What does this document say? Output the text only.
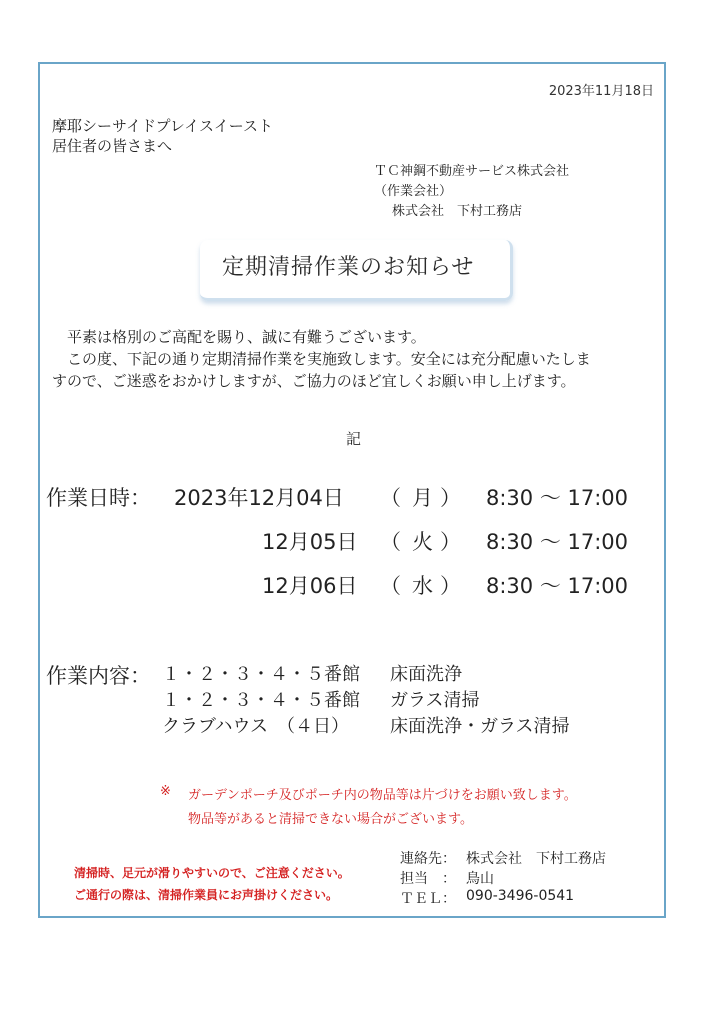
2023年11月18日
摩耶シーサイドプレイスイースト
居住者の皆さまへ
ＴＣ神鋼不動産サービス株式会社
（作業会社）
株式会社　下村工務店
定期清掃作業のお知らせ
　平素は格別のご高配を賜り、誠に有難うございます。
　この度、下記の通り定期清掃作業を実施致します。安全には充分配慮いたしま
すので、ご迷惑をおかけしますが、ご協力のほど宜しくお願い申し上げます。
記
作業日時： 2023年12月04日 （ 月 ） 8:30 ～ 17:00
12月05日 （ 火 ） 8:30 ～ 17:00
12月06日 （ 水 ） 8:30 ～ 17:00
作業内容： １・２・３・４・５番館 床面洗浄
１・２・３・４・５番館 ガラス清掃
クラブハウス　（４日） 床面洗浄・ガラス清掃
※ ガーデンポーチ及びポーチ内の物品等は片づけをお願い致します。
物品等があると清掃できない場合がございます。
清掃時、足元が滑りやすいので、ご注意ください。
ご通行の際は、清掃作業員にお声掛けください。
連絡先： 株式会社　下村工務店
担当　： 鳥山
ＴＥＬ： 090-3496-0541
